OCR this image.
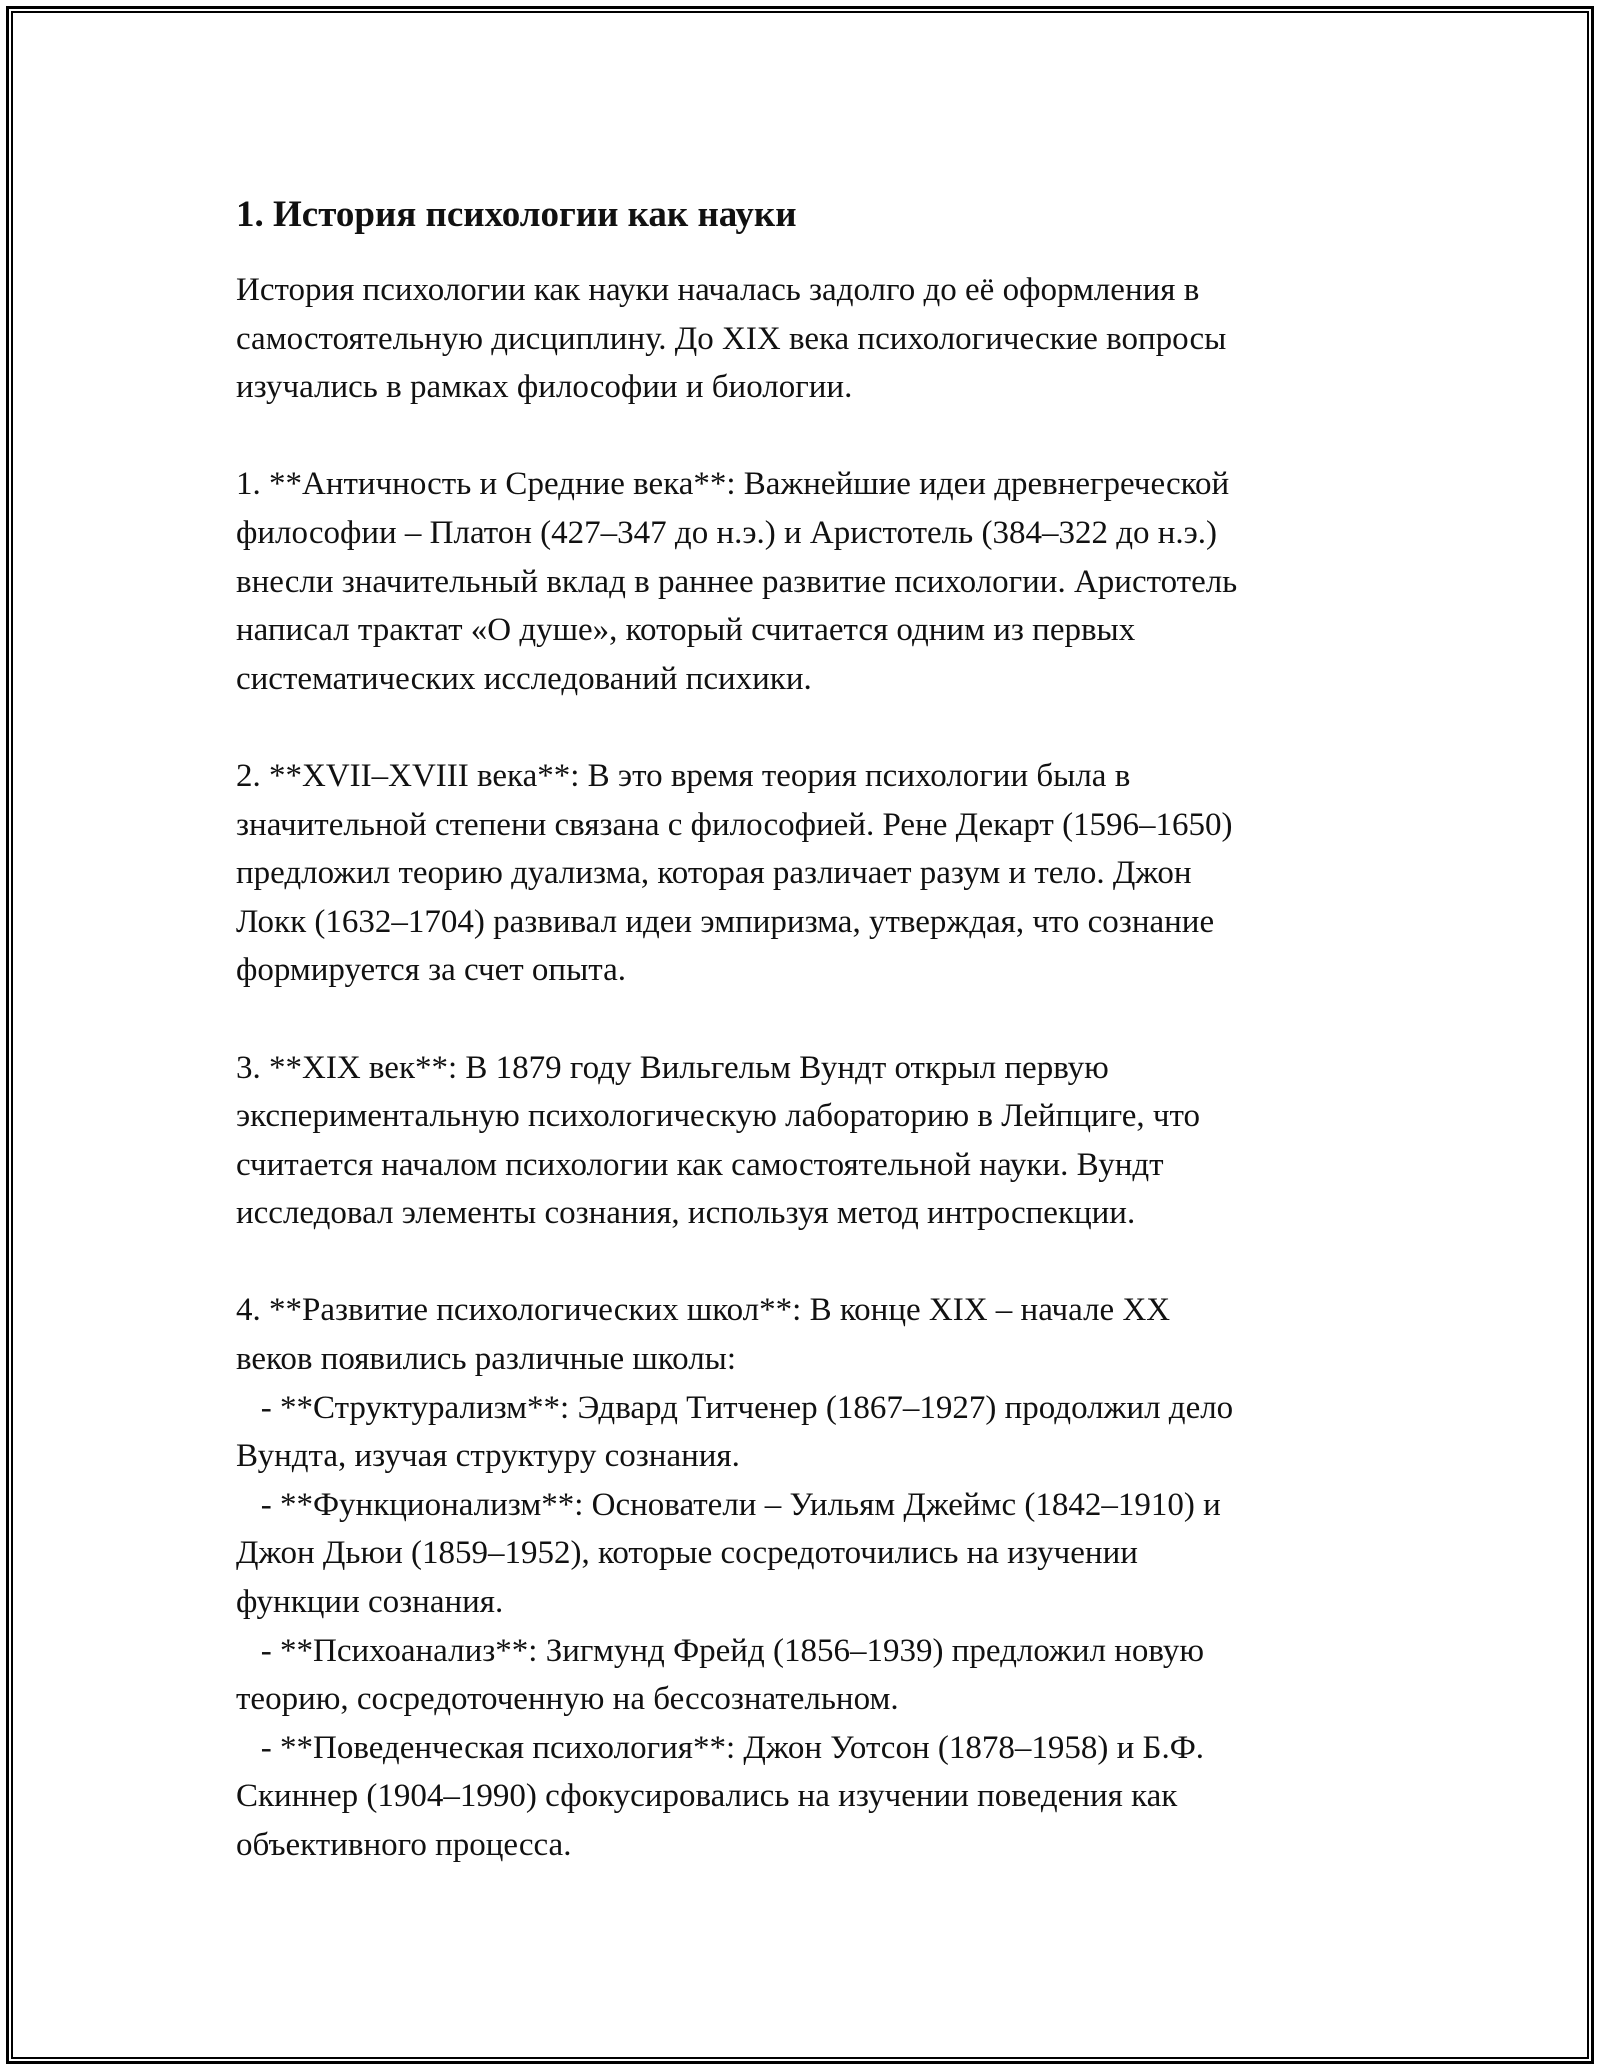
1. История психологии как науки

История психологии как науки началась задолго до её оформления в
самостоятельную дисциплину. До XIX века психологические вопросы
изучались в рамках философии и биологии.

1. **Античность и Средние века**: Важнейшие идеи древнегреческой
философии – Платон (427–347 до н.э.) и Аристотель (384–322 до н.э.)
внесли значительный вклад в раннее развитие психологии. Аристотель
написал трактат «О душе», который считается одним из первых
систематических исследований психики.

2. **XVII–XVIII века**: В это время теория психологии была в
значительной степени связана с философией. Рене Декарт (1596–1650)
предложил теорию дуализма, которая различает разум и тело. Джон
Локк (1632–1704) развивал идеи эмпиризма, утверждая, что сознание
формируется за счет опыта.

3. **XIX век**: В 1879 году Вильгельм Вундт открыл первую
экспериментальную психологическую лабораторию в Лейпциге, что
считается началом психологии как самостоятельной науки. Вундт
исследовал элементы сознания, используя метод интроспекции.

4. **Развитие психологических школ**: В конце XIX – начале XX
веков появились различные школы:
- **Структурализм**: Эдвард Титченер (1867–1927) продолжил дело
Вундта, изучая структуру сознания.
- **Функционализм**: Основатели – Уильям Джеймс (1842–1910) и
Джон Дьюи (1859–1952), которые сосредоточились на изучении
функции сознания.
- **Психоанализ**: Зигмунд Фрейд (1856–1939) предложил новую
теорию, сосредоточенную на бессознательном.
- **Поведенческая психология**: Джон Уотсон (1878–1958) и Б.Ф.
Скиннер (1904–1990) сфокусировались на изучении поведения как
объективного процесса.
